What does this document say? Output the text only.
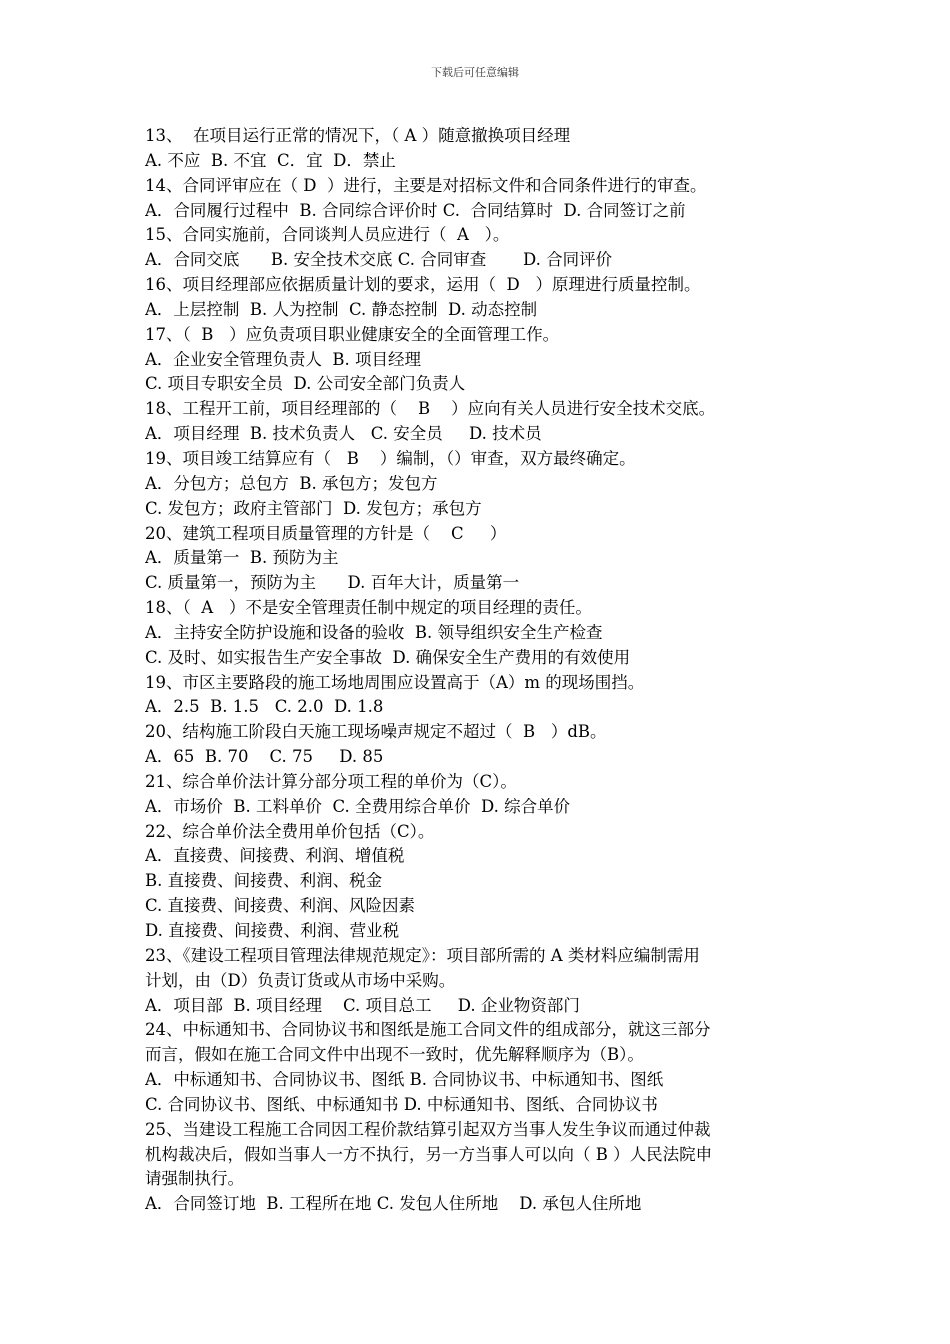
下载后可任意编辑
13、  在项目运行正常的情况下，（ A ）随意撤换项目经理
A. 不应  B. 不宜  C．宜  D．禁止
14、合同评审应在（ D  ）进行，主要是对招标文件和合同条件进行的审查。
A．合同履行过程中  B. 合同综合评价时 C.  合同结算时  D. 合同签订之前
15、合同实施前，合同谈判人员应进行（  A   ）。
A．合同交底      B. 安全技术交底 C. 合同审查       D. 合同评价
16、项目经理部应依据质量计划的要求，运用（  D   ）原理进行质量控制。
A．上层控制  B. 人为控制  C. 静态控制  D. 动态控制
17、（  B   ）应负责项目职业健康安全的全面管理工作。
A．企业安全管理负责人  B. 项目经理
C. 项目专职安全员  D. 公司安全部门负责人
18、工程开工前，项目经理部的（    B    ）应向有关人员进行安全技术交底。
A．项目经理  B. 技术负责人   C. 安全员     D. 技术员
19、项目竣工结算应有（   B    ）编制，（）审查，双方最终确定。
A．分包方；总包方  B. 承包方；发包方
C. 发包方；政府主管部门  D. 发包方；承包方
20、建筑工程项目质量管理的方针是（    C     ）
A．质量第一  B. 预防为主
C. 质量第一，预防为主      D. 百年大计，质量第一
18、（  A   ）不是安全管理责任制中规定的项目经理的责任。
A．主持安全防护设施和设备的验收  B. 领导组织安全生产检查
C. 及时、如实报告生产安全事故  D. 确保安全生产费用的有效使用
19、市区主要路段的施工场地周围应设置高于（A）m 的现场围挡。
A．2.5  B. 1.5   C. 2.0  D. 1.8
20、结构施工阶段白天施工现场噪声规定不超过（  B   ）dB。
A．65  B. 70    C. 75     D. 85
21、综合单价法计算分部分项工程的单价为（C）。
A．市场价  B. 工料单价  C. 全费用综合单价  D. 综合单价
22、综合单价法全费用单价包括（C）。
A．直接费、间接费、利润、增值税
B. 直接费、间接费、利润、税金
C. 直接费、间接费、利润、风险因素
D. 直接费、间接费、利润、营业税
23、《建设工程项目管理法律规范规定》：项目部所需的 A 类材料应编制需用
计划，由（D）负责订货或从市场中采购。
A．项目部  B. 项目经理    C. 项目总工     D. 企业物资部门
24、中标通知书、合同协议书和图纸是施工合同文件的组成部分，就这三部分
而言，假如在施工合同文件中出现不一致时，优先解释顺序为（B）。
A．中标通知书、合同协议书、图纸 B. 合同协议书、中标通知书、图纸
C. 合同协议书、图纸、中标通知书 D. 中标通知书、图纸、合同协议书
25、当建设工程施工合同因工程价款结算引起双方当事人发生争议而通过仲裁
机构裁决后，假如当事人一方不执行，另一方当事人可以向（ B ）人民法院申
请强制执行。
A．合同签订地  B. 工程所在地 C. 发包人住所地    D. 承包人住所地
